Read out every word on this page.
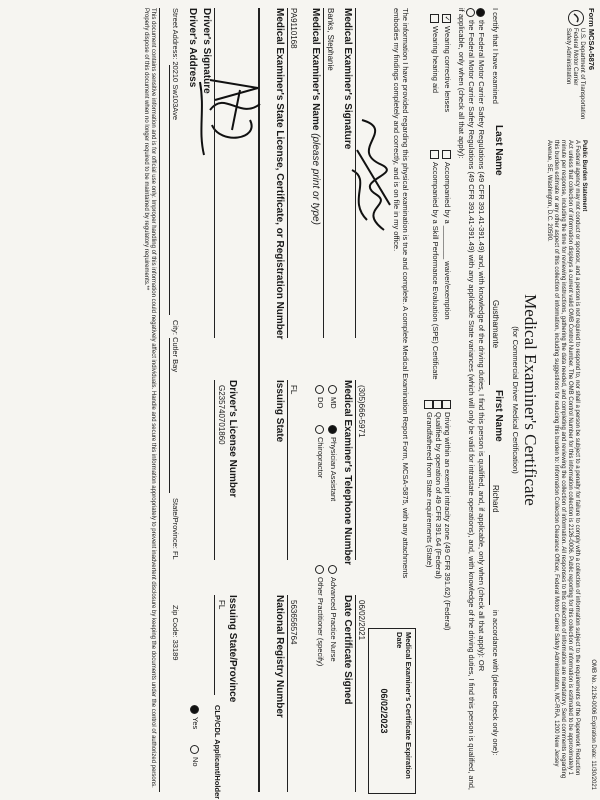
Form MCSA-5876
OMB No. 2126-0006 Expiration Date: 11/30/2021
U.S. Department of Transportation
Federal Motor Carrier
Safety Administration
Public Burden Statement
A Federal agency may not conduct or sponsor, and a person is not required to respond to, nor shall a person be subject to a penalty for failure to comply with a collection of information subject to the requirements of the Paperwork Reduction Act unless that collection of information displays a current valid OMB Control Number. The OMB Control Number for this information collection is 2126-0006. Public reporting for this collection of information is estimated to be approximately 1 minute per response, including the time for reviewing instructions, gathering the data needed, and completing and reviewing the collection of information. All responses to this collection of information are mandatory. Send comments regarding this burden estimate or any other aspect of this collection of information, including suggestions for reducing this burden to: Information Collection Clearance Officer, Federal Motor Carrier Safety Administration, MC-RRA, 1200 New Jersey Avenue, SE, Washington, D.C. 20590.
Medical Examiner's Certificate
(for Commercial Driver Medical Certification)
I certify that I have examined
Last Name
First Name
Gusthamante
Richard
in accordance with (please check only one):
the Federal Motor Carrier Safety Regulations (49 CFR 391.41-391.49) and, with knowledge of the driving duties, I find this person is qualified, and, if applicable, only when (check all that apply): OR
the Federal Motor Carrier Safety Regulations (49 CFR 391.41-391.49) with any applicable State variances (which will only be valid for intrastate operations), and, with knowledge of the driving duties, I find this person is qualified, and, if applicable, only when (check all that apply):
✓Wearing corrective lenses
Wearing hearing aid
Accompanied by a ________ waiver/exemption
Accompanied by a Skill Performance Evaluation (SPE) Certificate
Driving within an exempt intracity zone (49 CFR 391.62) (Federal)
Qualified by operation of 49 CFR 391.64 (Federal)
Grandfathered from State requirements (State)
Medical Examiner's Certificate Expiration Date
06/02/2023
The information I have provided regarding this physical examination is true and complete. A complete Medical Examination Report Form, MCSA-5875, with any attachments embodies my findings completely and correctly, and is on file in my office.
Medical Examiner's Signature
(305)666-5971
Medical Examiner's Telephone Number
06/02/2021
Date Certificate Signed
Banks, Stephanie
Medical Examiner's Name (please print or type)
MD
Physician Assistant
Advanced Practice Nurse
DO
Chiropractor
Other Practitioner (specify)
PA9110168
Medical Examiner's State License, Certificate, or Registration Number
FL
Issuing State
5636565764
National Registry Number
Driver's Signature
G235740701860 Driver's License Number
FL Issuing State/Province
CLP/CDL Applicant/Holder
Driver's Address
Street Address: 20210 Sw103Ave
City: Cutler Bay
State/Province: FL
Zip Code: 33189
Yes
No
This document contains sensitive information and is for official use only. Improper handling of this information could negatively affect individuals. Handle and secure this information appropriately to prevent inadvertent disclosure by keeping the documents under the control of authorized persons. Properly dispose of this document when no longer required to be maintained by regulatory requirements.**
